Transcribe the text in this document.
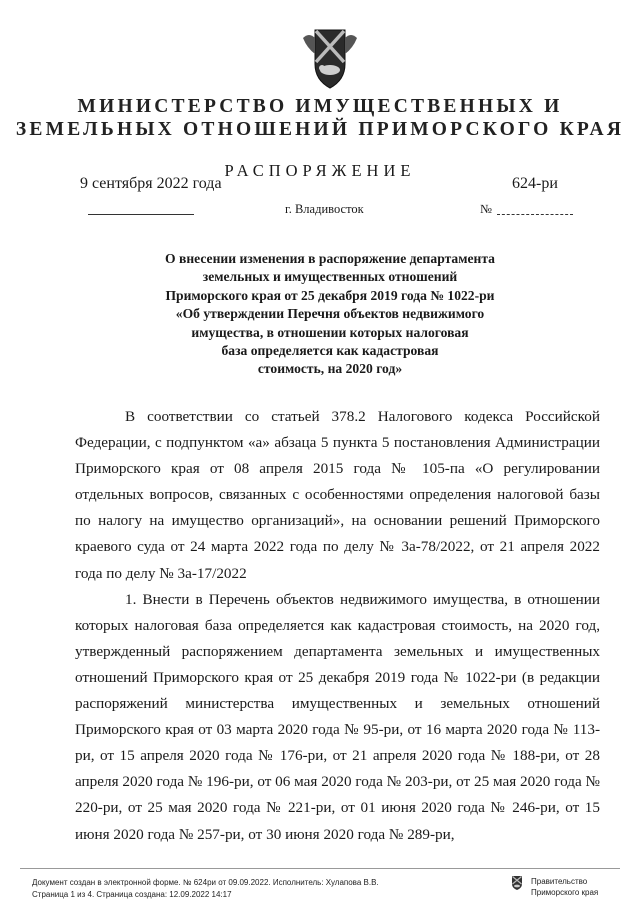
МИНИСТЕРСТВО ИМУЩЕСТВЕННЫХ И
ЗЕМЕЛЬНЫХ ОТНОШЕНИЙ ПРИМОРСКОГО КРАЯ
РАСПОРЯЖЕНИЕ
9 сентября 2022 года	624-ри
г. Владивосток	№
О внесении изменения в распоряжение департамента
земельных и имущественных отношений
Приморского края от 25 декабря 2019 года № 1022-ри
«Об утверждении Перечня объектов недвижимого
имущества, в отношении которых налоговая
база определяется как кадастровая
стоимость, на 2020 год»

В соответствии со статьей 378.2 Налогового кодекса Российской Федерации, с подпунктом «а» абзаца 5 пункта 5 постановления Администрации Приморского края от 08 апреля 2015 года № 105-па «О регулировании отдельных вопросов, связанных с особенностями определения налоговой базы по налогу на имущество организаций», на основании решений Приморского краевого суда от 24 марта 2022 года по делу № 3а-78/2022, от 21 апреля 2022 года по делу № 3а-17/2022

1. Внести в Перечень объектов недвижимого имущества, в отношении которых налоговая база определяется как кадастровая стоимость, на 2020 год, утвержденный распоряжением департамента земельных и имущественных отношений Приморского края от 25 декабря 2019 года № 1022-ри (в редакции распоряжений министерства имущественных и земельных отношений Приморского края от 03 марта 2020 года № 95-ри, от 16 марта 2020 года № 113-ри, от 15 апреля 2020 года № 176-ри, от 21 апреля 2020 года № 188-ри, от 28 апреля 2020 года № 196-ри, от 06 мая 2020 года № 203-ри, от 25 мая 2020 года № 220-ри, от 25 мая 2020 года № 221-ри, от 01 июня 2020 года № 246-ри, от 15 июня 2020 года № 257-ри, от 30 июня 2020 года № 289-ри,

Документ создан в электронной форме. № 624ри от 09.09.2022. Исполнитель: Хулапова В.В.
Страница 1 из 4. Страница создана: 12.09.2022 14:17
Правительство
Приморского края
